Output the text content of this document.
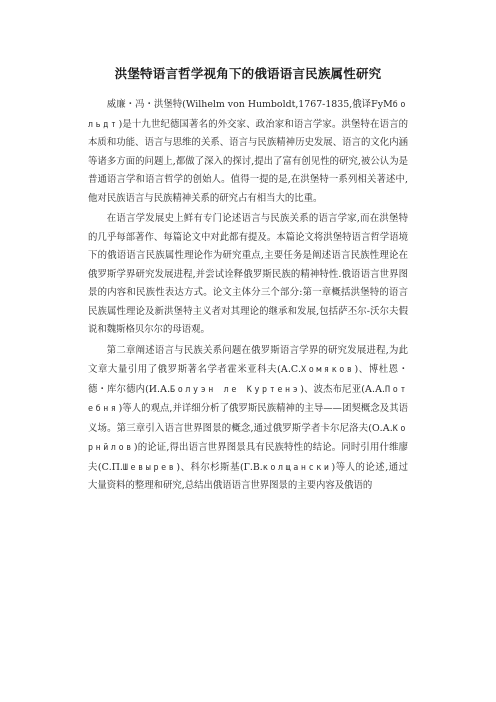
洪堡特语言哲学视角下的俄语语言民族属性研究

威廉・冯・洪堡特(Wilhelm von Humboldt,1767-1835,俄译FуМбольдт)是十九世纪德国著名的外交家、政治家和语言学家。洪堡特在语言的本质和功能、语言与思维的关系、语言与民族精神历史发展、语言的文化内涵等诸多方面的问题上,都做了深入的探讨,提出了富有创见性的研究,被公认为是普通语言学和语言哲学的创始人。值得一提的是,在洪堡特一系列相关著述中,他对民族语言与民族精神关系的研究占有相当大的比重。

在语言学发展史上鲜有专门论述语言与民族关系的语言学家,而在洪堡特的几乎每部著作、每篇论文中对此都有提及。本篇论文将洪堡特语言哲学语境下的俄语语言民族属性理论作为研究重点,主要任务是阐述语言民族性理论在俄罗斯学界研究发展进程,并尝试诠释俄罗斯民族的精神特性.俄语语言世界图景的内容和民族性表达方式。论文主体分三个部分:第一章概括洪堡特的语言民族属性理论及新洪堡特主义者对其理论的继承和发展,包括萨丕尔-沃尔夫假说和魏斯格贝尔尔的母语观。

第二章阐述语言与民族关系问题在俄罗斯语言学界的研究发展进程,为此文章大量引用了俄罗斯著名学者霍米亚科夫(А.С.Хомяков)、博杜恩・德・库尔德内(И.А.Болуэн ле Куртенэ)、波杰布尼亚(А.А.Потебня)等人的观点,并详细分析了俄罗斯民族精神的主导——团契概念及其语义场。第三章引入语言世界图景的概念,通过俄罗斯学者卡尔尼洛夫(О.А.Корнйлов)的论证,得出语言世界图景具有民族特性的结论。同时引用什维廖夫(С.П.Шевырев)、科尔杉斯基(Г.В.колщански)等人的论述,通过大量资料的整理和研究,总结出俄语语言世界图景的主要内容及俄语的
